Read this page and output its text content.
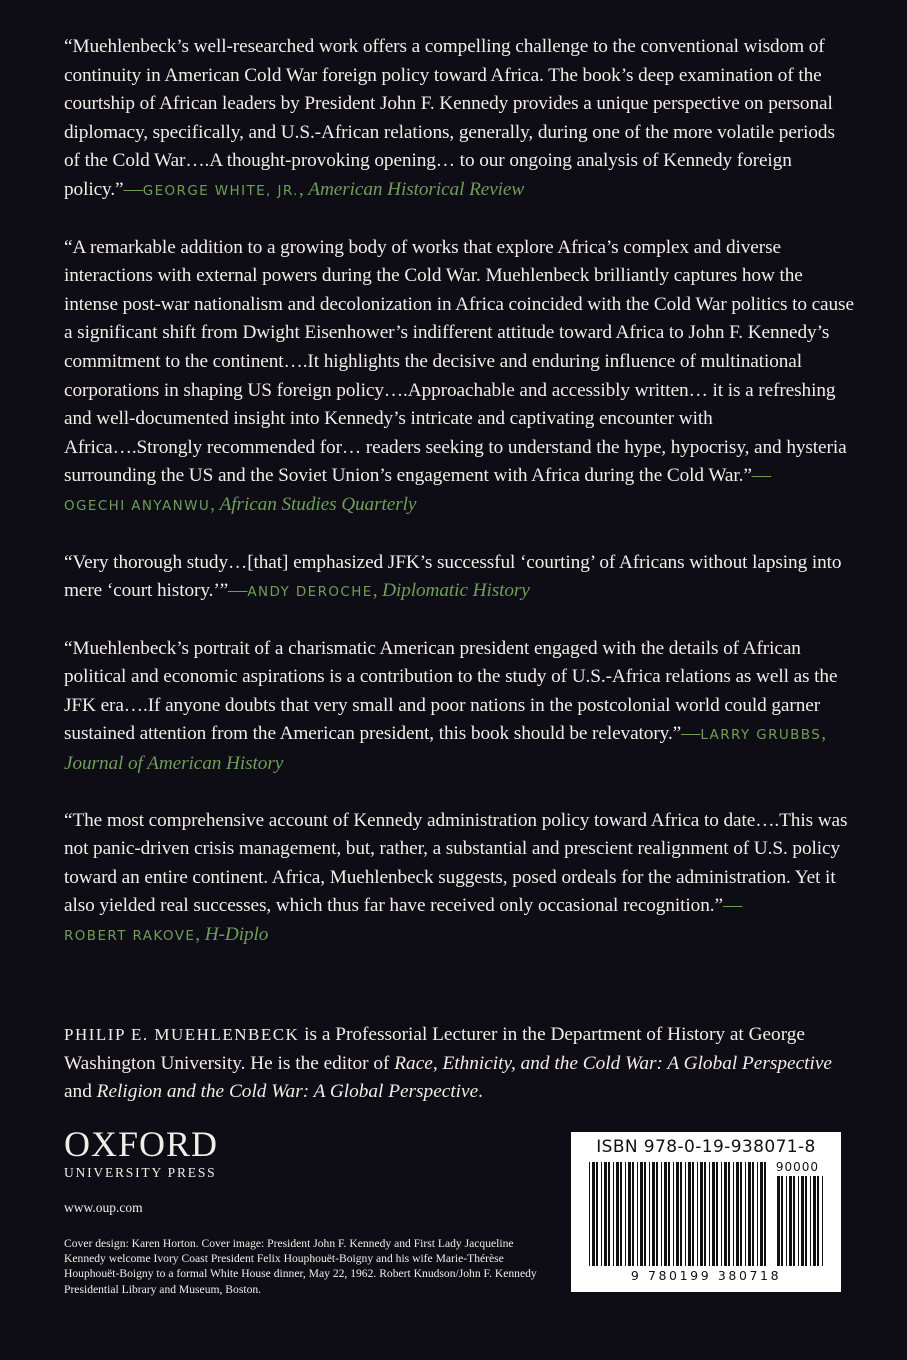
“Muehlenbeck’s well-researched work offers a compelling challenge to the conventional wisdom of continuity in American Cold War foreign policy toward Africa. The book’s deep examination of the courtship of African leaders by President John F. Kennedy provides a unique perspective on personal diplomacy, specifically, and U.S.-African relations, generally, during one of the more volatile periods of the Cold War….A thought-provoking opening… to our ongoing analysis of Kennedy foreign policy.”—GEORGE WHITE, JR., American Historical Review

“A remarkable addition to a growing body of works that explore Africa’s complex and diverse interactions with external powers during the Cold War. Muehlenbeck brilliantly captures how the intense post-war nationalism and decolonization in Africa coincided with the Cold War politics to cause a significant shift from Dwight Eisenhower’s indifferent attitude toward Africa to John F. Kennedy’s commitment to the continent….It highlights the decisive and enduring influence of multinational corporations in shaping US foreign policy….Approachable and accessibly written… it is a refreshing and well-documented insight into Kennedy’s intricate and captivating encounter with Africa….Strongly recommended for… readers seeking to understand the hype, hypocrisy, and hysteria surrounding the US and the Soviet Union’s engagement with Africa during the Cold War.”—OGECHI ANYANWU, African Studies Quarterly

“Very thorough study…[that] emphasized JFK’s successful ‘courting’ of Africans without lapsing into mere ‘court history.’”—ANDY DEROCHE, Diplomatic History

“Muehlenbeck’s portrait of a charismatic American president engaged with the details of African political and economic aspirations is a contribution to the study of U.S.-Africa relations as well as the JFK era….If anyone doubts that very small and poor nations in the postcolonial world could garner sustained attention from the American president, this book should be relevatory.”—LARRY GRUBBS, Journal of American History

“The most comprehensive account of Kennedy administration policy toward Africa to date….This was not panic-driven crisis management, but, rather, a substantial and prescient realignment of U.S. policy toward an entire continent. Africa, Muehlenbeck suggests, posed ordeals for the administration. Yet it also yielded real successes, which thus far have received only occasional recognition.”—ROBERT RAKOVE, H-Diplo

PHILIP E. MUEHLENBECK is a Professorial Lecturer in the Department of History at George Washington University. He is the editor of Race, Ethnicity, and the Cold War: A Global Perspective and Religion and the Cold War: A Global Perspective.

OXFORD
UNIVERSITY PRESS
www.oup.com
Cover design: Karen Horton. Cover image: President John F. Kennedy and First Lady Jacqueline Kennedy welcome Ivory Coast President Felix Houphouët-Boigny and his wife Marie-Thérèse Houphouët-Boigny to a formal White House dinner, May 22, 1962. Robert Knudson/John F. Kennedy Presidential Library and Museum, Boston.
ISBN 978-0-19-938071-8
90000
9 780199 380718
